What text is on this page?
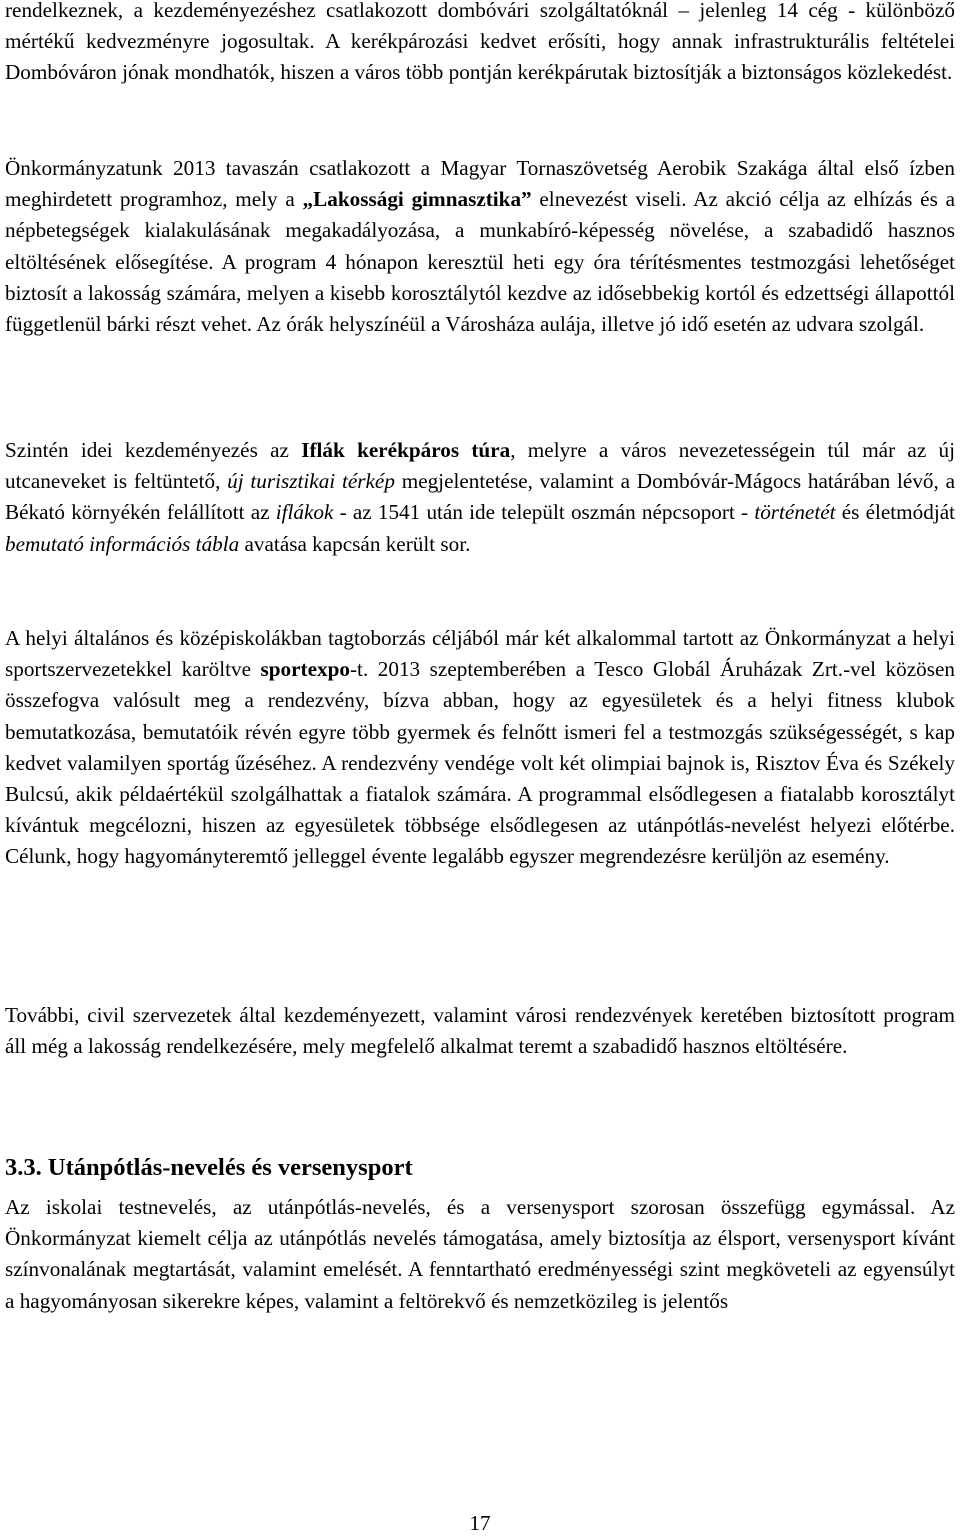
rendelkeznek, a kezdeményezéshez csatlakozott dombóvári szolgáltatóknál – jelenleg 14 cég - különböző mértékű kedvezményre jogosultak. A kerékpározási kedvet erősíti, hogy annak infrastrukturális feltételei Dombóváron jónak mondhatók, hiszen a város több pontján kerékpárutak biztosítják a biztonságos közlekedést.

Önkormányzatunk 2013 tavaszán csatlakozott a Magyar Tornaszövetség Aerobik Szakága által első ízben meghirdetett programhoz, mely a „Lakossági gimnasztika” elnevezést viseli. Az akció célja az elhízás és a népbetegségek kialakulásának megakadályozása, a munkabíró-képesség növelése, a szabadidő hasznos eltöltésének elősegítése. A program 4 hónapon keresztül heti egy óra térítésmentes testmozgási lehetőséget biztosít a lakosság számára, melyen a kisebb korosztálytól kezdve az idősebbekig kortól és edzettségi állapottól függetlenül bárki részt vehet. Az órák helyszínéül a Városháza aulája, illetve jó idő esetén az udvara szolgál.

Szintén idei kezdeményezés az Iflák kerékpáros túra, melyre a város nevezetességein túl már az új utcaneveket is feltüntető, új turisztikai térkép megjelentetése, valamint a Dombóvár-Mágocs határában lévő, a Békató környékén felállított az iflákok - az 1541 után ide települt oszmán népcsoport - történetét és életmódját bemutató információs tábla avatása kapcsán került sor.

A helyi általános és középiskolákban tagtoborzás céljából már két alkalommal tartott az Önkormányzat a helyi sportszervezetekkel karöltve sportexpo-t. 2013 szeptemberében a Tesco Globál Áruházak Zrt.-vel közösen összefogva valósult meg a rendezvény, bízva abban, hogy az egyesületek és a helyi fitness klubok bemutatkozása, bemutatóik révén egyre több gyermek és felnőtt ismeri fel a testmozgás szükségességét, s kap kedvet valamilyen sportág űzéséhez. A rendezvény vendége volt két olimpiai bajnok is, Risztov Éva és Székely Bulcsú, akik példaértékül szolgálhattak a fiatalok számára. A programmal elsődlegesen a fiatalabb korosztályt kívántuk megcélozni, hiszen az egyesületek többsége elsődlegesen az utánpótlás-nevelést helyezi előtérbe. Célunk, hogy hagyományteremtő jelleggel évente legalább egyszer megrendezésre kerüljön az esemény.

További, civil szervezetek által kezdeményezett, valamint városi rendezvények keretében biztosított program áll még a lakosság rendelkezésére, mely megfelelő alkalmat teremt a szabadidő hasznos eltöltésére.

3.3. Utánpótlás-nevelés és versenysport

Az iskolai testnevelés, az utánpótlás-nevelés, és a versenysport szorosan összefügg egymással. Az Önkormányzat kiemelt célja az utánpótlás nevelés támogatása, amely biztosítja az élsport, versenysport kívánt színvonalának megtartását, valamint emelését. A fenntartható eredményességi szint megköveteli az egyensúlyt a hagyományosan sikerekre képes, valamint a feltörekvő és nemzetközileg is jelentős

17
